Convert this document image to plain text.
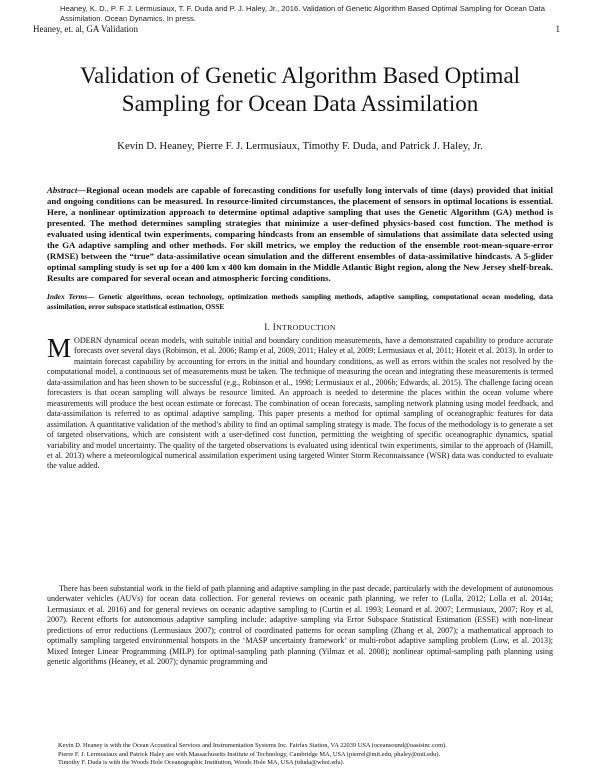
Heaney, K. D., P. F. J. Lermusiaux, T. F. Duda and P. J. Haley, Jr., 2016. Validation of Genetic Algorithm Based Optimal Sampling for Ocean Data Assimilation. Ocean Dynamics. In press.
Heaney, et. al, GA Validation	1
Validation of Genetic Algorithm Based Optimal Sampling for Ocean Data Assimilation
Kevin D. Heaney, Pierre F. J. Lermusiaux, Timothy F. Duda, and Patrick J. Haley, Jr.
Abstract—Regional ocean models are capable of forecasting conditions for usefully long intervals of time (days) provided that initial and ongoing conditions can be measured. In resource-limited circumstances, the placement of sensors in optimal locations is essential. Here, a nonlinear optimization approach to determine optimal adaptive sampling that uses the Genetic Algorithm (GA) method is presented. The method determines sampling strategies that minimize a user-defined physics-based cost function. The method is evaluated using identical twin experiments, comparing hindcasts from an ensemble of simulations that assimilate data selected using the GA adaptive sampling and other methods. For skill metrics, we employ the reduction of the ensemble root-mean-square-error (RMSE) between the “true” data-assimilative ocean simulation and the different ensembles of data-assimilative hindcasts. A 5-glider optimal sampling study is set up for a 400 km x 400 km domain in the Middle Atlantic Bight region, along the New Jersey shelf-break. Results are compared for several ocean and atmospheric forcing conditions.
Index Terms— Genetic algorithms, ocean technology, optimization methods sampling methods, adaptive sampling, computational ocean modeling, data assimilation, error subspace statistical estimation, OSSE
I. INTRODUCTION
MODERN dynamical ocean models, with suitable initial and boundary condition measurements, have a demonstrated capability to produce accurate forecasts over several days (Robinson, et al. 2006; Ramp et al, 2009, 2011; Haley et al, 2009; Lermusiaux et al, 2011; Hoteit et al. 2013). In order to maintain forecast capability by accounting for errors in the initial and boundary conditions, as well as errors within the scales not resolved by the computational model, a continuous set of measurements must be taken. The technique of measuring the ocean and integrating these measurements is termed data-assimilation and has been shown to be successful (e.g., Robinson et al., 1998; Lermusiaux et al., 2006b; Edwards, al. 2015). The challenge facing ocean forecasters is that ocean sampling will always be resource limited. An approach is needed to determine the places within the ocean volume where measurements will produce the best ocean estimate or forecast. The combination of ocean forecasts, sampling network planning using model feedback, and data-assimilation is referred to as optimal adaptive sampling. This paper presents a method for optimal sampling of oceanographic features for data assimilation. A quantitative validation of the method’s ability to find an optimal sampling strategy is made. The focus of the methodology is to generate a set of targeted observations, which are consistent with a user-defined cost function, permitting the weighting of specific oceanographic dynamics, spatial variability and model uncertainty. The quality of the targeted observations is evaluated using identical twin experiments, similar to the approach of (Hamill, et al. 2013) where a meteorological numerical assimilation experiment using targeted Winter Storm Reconnaissance (WSR) data was conducted to evaluate the value added.
There has been substantial work in the field of path planning and adaptive sampling in the past decade, particularly with the development of autonomous underwater vehicles (AUVs) for ocean data collection. For general reviews on oceanic path planning, we refer to (Lolla, 2012; Lolla et al. 2014a; Lermusiaux et al. 2016) and for general reviews on oceanic adaptive sampling to (Curtin et al. 1993; Leonard et al. 2007; Lermusiaux, 2007; Roy et al, 2007). Recent efforts for autonomous adaptive sampling include: adaptive sampling via Error Subspace Statistical Estimation (ESSE) with non-linear predictions of error reductions (Lermusiaux 2007); control of coordinated patterns for ocean sampling (Zhang et al, 2007); a mathematical approach to optimally sampling targeted environmental hotspots in the ‘MASP uncertainty framework’ or multi-robot adaptive sampling problem (Low, et al. 2013); Mixed Integer Linear Programming (MILP) for optimal-sampling path planning (Yilmaz et al. 2008); nonlinear optimal-sampling path planning using genetic algorithms (Heaney, et al. 2007); dynamic programming and
Kevin D. Heaney is with the Ocean Acoustical Services and Instrumentation Systems Inc. Fairfax Station, VA 22039 USA (oceansound@oasisinc.com).
Pierre F. J. Lermusiaux and Patrick Haley are with Massachusetts Institute of Technology, Cambridge MA, USA (pierrel@mit.edu, phaley@mit.edu).
Timothy F. Duda is with the Woods Hole Oceanographic Institution, Woods Hole MA, USA (tduda@whoi.edu).
